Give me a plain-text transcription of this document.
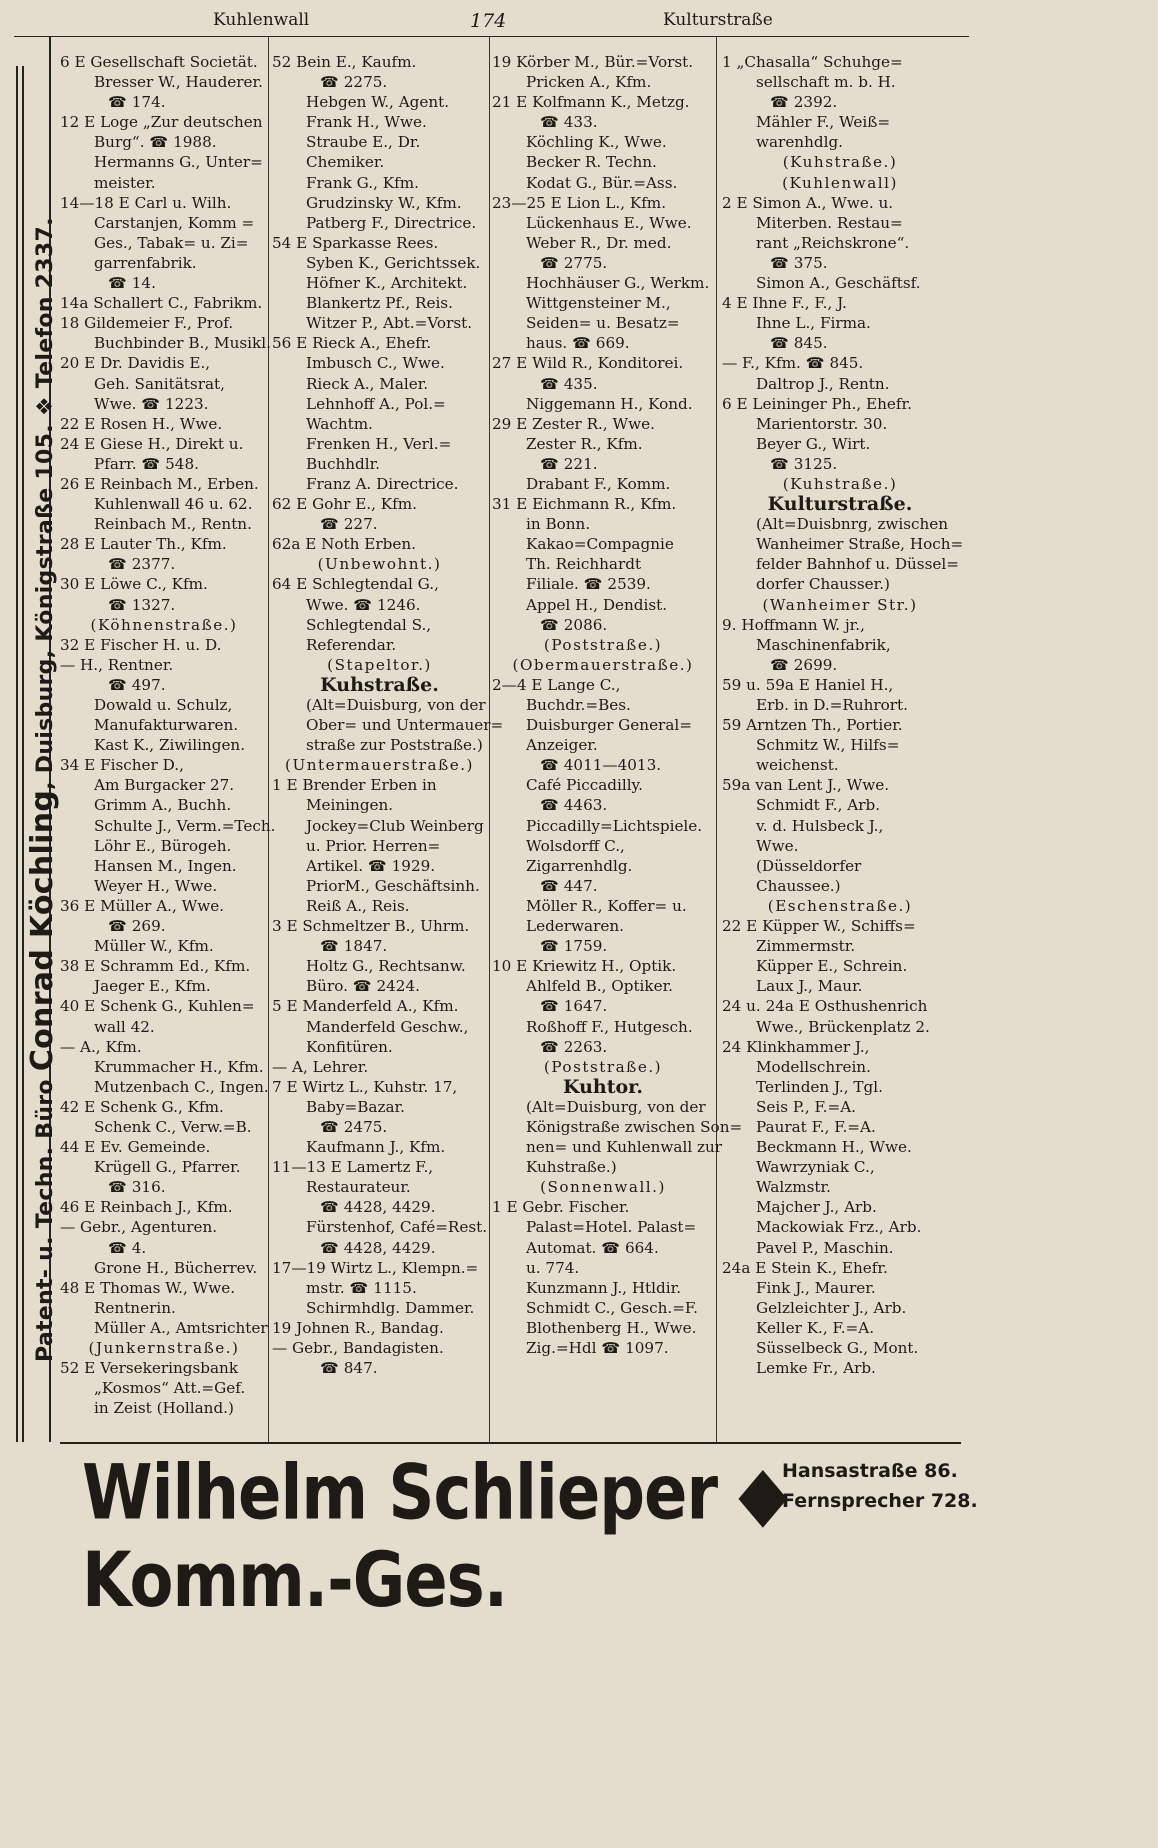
Kuhlenwall	174	Kulturstraße
Patent- u. Techn. Büro Conrad Köchling, Duisburg, Königstraße 105. ❖ Telefon 2337.
6 E Gesellschaft Societät.
Bresser W., Hauderer.
☎ 174.
12 E Loge „Zur deutschen
Burg“. ☎ 1988.
Hermanns G., Unter=
meister.
14—18 E Carl u. Wilh.
Carstanjen, Komm =
Ges., Tabak= u. Zi=
garrenfabrik.
☎ 14.
14a Schallert C., Fabrikm.
18 Gildemeier F., Prof.
Buchbinder B., Musikl.
20 E Dr. Davidis E.,
Geh. Sanitätsrat,
Wwe. ☎ 1223.
22 E Rosen H., Wwe.
24 E Giese H., Direkt u.
Pfarr. ☎ 548.
26 E Reinbach M., Erben.
Kuhlenwall 46 u. 62.
Reinbach M., Rentn.
28 E Lauter Th., Kfm.
☎ 2377.
30 E Löwe C., Kfm.
☎ 1327.
(Köhnenstraße.)
32 E Fischer H. u. D.
— H., Rentner.
☎ 497.
Dowald u. Schulz,
Manufakturwaren.
Kast K., Ziwilingen.
34 E Fischer D.,
Am Burgacker 27.
Grimm A., Buchh.
Schulte J., Verm.=Tech.
Löhr E., Bürogeh.
Hansen M., Ingen.
Weyer H., Wwe.
36 E Müller A., Wwe.
☎ 269.
Müller W., Kfm.
38 E Schramm Ed., Kfm.
Jaeger E., Kfm.
40 E Schenk G., Kuhlen=
wall 42.
— A., Kfm.
Krummacher H., Kfm.
Mutzenbach C., Ingen.
42 E Schenk G., Kfm.
Schenk C., Verw.=B.
44 E Ev. Gemeinde.
Krügell G., Pfarrer.
☎ 316.
46 E Reinbach J., Kfm.
— Gebr., Agenturen.
☎ 4.
Grone H., Bücherrev.
48 E Thomas W., Wwe.
Rentnerin.
Müller A., Amtsrichter
(Junkernstraße.)
52 E Versekeringsbank
„Kosmos“ Att.=Gef.
in Zeist (Holland.)
52 Bein E., Kaufm.
☎ 2275.
Hebgen W., Agent.
Frank H., Wwe.
Straube E., Dr.
Chemiker.
Frank G., Kfm.
Grudzinsky W., Kfm.
Patberg F., Directrice.
54 E Sparkasse Rees.
Syben K., Gerichtssek.
Höfner K., Architekt.
Blankertz Pf., Reis.
Witzer P., Abt.=Vorst.
56 E Rieck A., Ehefr.
Imbusch C., Wwe.
Rieck A., Maler.
Lehnhoff A., Pol.=
Wachtm.
Frenken H., Verl.=
Buchhdlr.
Franz A. Directrice.
62 E Gohr E., Kfm.
☎ 227.
62a E Noth Erben.
(Unbewohnt.)
64 E Schlegtendal G.,
Wwe. ☎ 1246.
Schlegtendal S.,
Referendar.
(Stapeltor.)
Kuhstraße.
(Alt=Duisburg, von der
Ober= und Untermauer=
straße zur Poststraße.)
(Untermauerstraße.)
1 E Brender Erben in
Meiningen.
Jockey=Club Weinberg
u. Prior. Herren=
Artikel. ☎ 1929.
PriorM., Geschäftsinh.
Reiß A., Reis.
3 E Schmeltzer B., Uhrm.
☎ 1847.
Holtz G., Rechtsanw.
Büro. ☎ 2424.
5 E Manderfeld A., Kfm.
Manderfeld Geschw.,
Konfitüren.
— A, Lehrer.
7 E Wirtz L., Kuhstr. 17,
Baby=Bazar.
☎ 2475.
Kaufmann J., Kfm.
11—13 E Lamertz F.,
Restaurateur.
☎ 4428, 4429.
Fürstenhof, Café=Rest.
☎ 4428, 4429.
17—19 Wirtz L., Klempn.=
mstr. ☎ 1115.
Schirmhdlg. Dammer.
19 Johnen R., Bandag.
— Gebr., Bandagisten.
☎ 847.
19 Körber M., Bür.=Vorst.
Pricken A., Kfm.
21 E Kolfmann K., Metzg.
☎ 433.
Köchling K., Wwe.
Becker R. Techn.
Kodat G., Bür.=Ass.
23—25 E Lion L., Kfm.
Lückenhaus E., Wwe.
Weber R., Dr. med.
☎ 2775.
Hochhäuser G., Werkm.
Wittgensteiner M.,
Seiden= u. Besatz=
haus. ☎ 669.
27 E Wild R., Konditorei.
☎ 435.
Niggemann H., Kond.
29 E Zester R., Wwe.
Zester R., Kfm.
☎ 221.
Drabant F., Komm.
31 E Eichmann R., Kfm.
in Bonn.
Kakao=Compagnie
Th. Reichhardt
Filiale. ☎ 2539.
Appel H., Dendist.
☎ 2086.
(Poststraße.)
(Obermauerstraße.)
2—4 E Lange C.,
Buchdr.=Bes.
Duisburger General=
Anzeiger.
☎ 4011—4013.
Café Piccadilly.
☎ 4463.
Piccadilly=Lichtspiele.
Wolsdorff C.,
Zigarrenhdlg.
☎ 447.
Möller R., Koffer= u.
Lederwaren.
☎ 1759.
10 E Kriewitz H., Optik.
Ahlfeld B., Optiker.
☎ 1647.
Roßhoff F., Hutgesch.
☎ 2263.
(Poststraße.)
Kuhtor.
(Alt=Duisburg, von der
Königstraße zwischen Son=
nen= und Kuhlenwall zur
Kuhstraße.)
(Sonnenwall.)
1 E Gebr. Fischer.
Palast=Hotel. Palast=
Automat. ☎ 664.
u. 774.
Kunzmann J., Htldir.
Schmidt C., Gesch.=F.
Blothenberg H., Wwe.
Zig.=Hdl ☎ 1097.
1 „Chasalla“ Schuhge=
sellschaft m. b. H.
☎ 2392.
Mähler F., Weiß=
warenhdlg.
(Kuhstraße.)
(Kuhlenwall)
2 E Simon A., Wwe. u.
Miterben. Restau=
rant „Reichskrone“.
☎ 375.
Simon A., Geschäftsf.
4 E Ihne F., F., J.
Ihne L., Firma.
☎ 845.
— F., Kfm. ☎ 845.
Daltrop J., Rentn.
6 E Leininger Ph., Ehefr.
Marientorstr. 30.
Beyer G., Wirt.
☎ 3125.
(Kuhstraße.)
Kulturstraße.
(Alt=Duisbnrg, zwischen
Wanheimer Straße, Hoch=
felder Bahnhof u. Düssel=
dorfer Chausser.)
(Wanheimer Str.)
9. Hoffmann W. jr.,
Maschinenfabrik,
☎ 2699.
59 u. 59a E Haniel H.,
Erb. in D.=Ruhrort.
59 Arntzen Th., Portier.
Schmitz W., Hilfs=
weichenst.
59a van Lent J., Wwe.
Schmidt F., Arb.
v. d. Hulsbeck J.,
Wwe.
(Düsseldorfer
Chaussee.)
(Eschenstraße.)
22 E Küpper W., Schiffs=
Zimmermstr.
Küpper E., Schrein.
Laux J., Maur.
24 u. 24a E Osthushenrich
Wwe., Brückenplatz 2.
24 Klinkhammer J.,
Modellschrein.
Terlinden J., Tgl.
Seis P., F.=A.
Paurat F., F.=A.
Beckmann H., Wwe.
Wawrzyniak C.,
Walzmstr.
Majcher J., Arb.
Mackowiak Frz., Arb.
Pavel P., Maschin.
24a E Stein K., Ehefr.
Fink J., Maurer.
Gelzleichter J., Arb.
Keller K., F.=A.
Süsselbeck G., Mont.
Lemke Fr., Arb.
Wilhelm Schlieper ◆ Komm.-Ges.
Hansastraße 86.
Fernsprecher 728.
